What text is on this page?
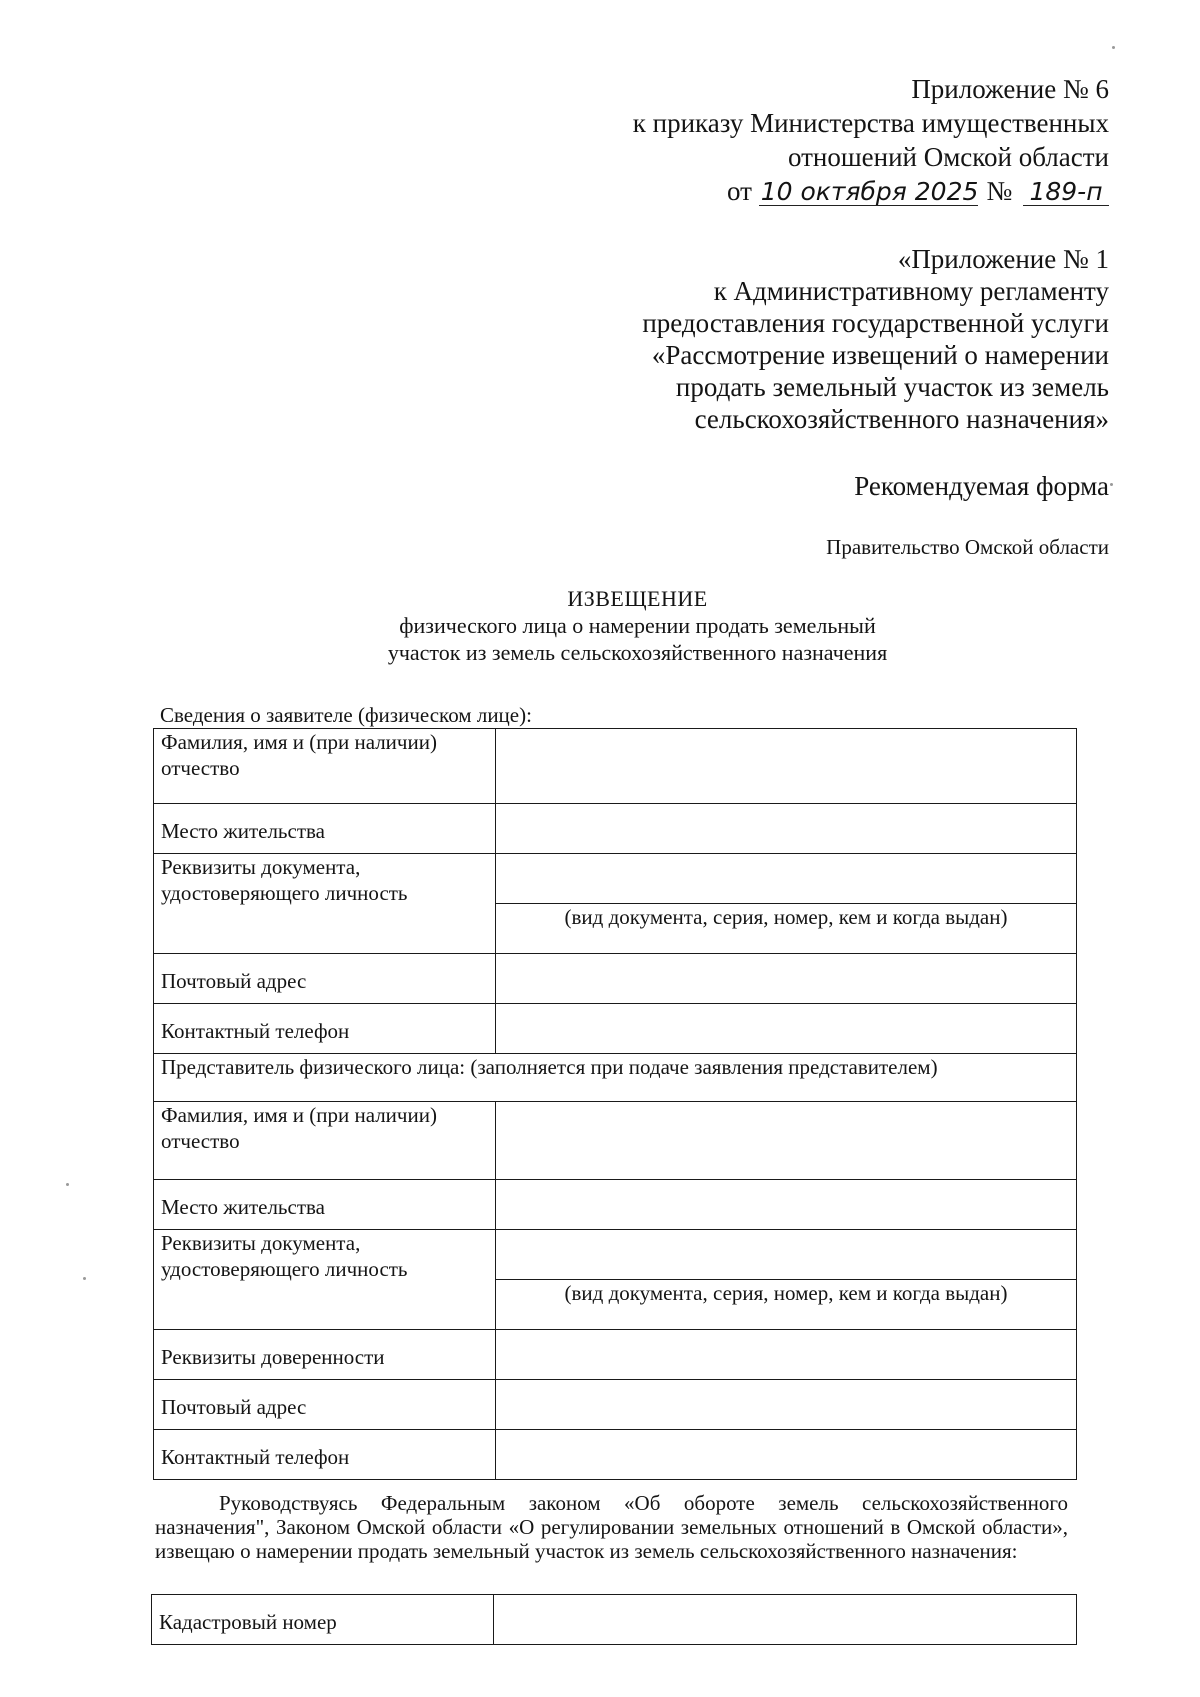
Приложение № 6
к приказу Министерства имущественных
отношений Омской области
от 10 октября 2025 № 189-п
«Приложение № 1
к Административному регламенту
предоставления государственной услуги
«Рассмотрение извещений о намерении
продать земельный участок из земель
сельскохозяйственного назначения»
Рекомендуемая форма
Правительство Омской области
ИЗВЕЩЕНИЕ
физического лица о намерении продать земельный
участок из земель сельскохозяйственного назначения
Сведения о заявителе (физическом лице):
Фамилия, имя и (при наличии) отчество	
Место жительства	
Реквизиты документа, удостоверяющего личность	
	(вид документа, серия, номер, кем и когда выдан)
Почтовый адрес	
Контактный телефон	
Представитель физического лица: (заполняется при подаче заявления представителем)	
Фамилия, имя и (при наличии) отчество	
Место жительства	
Реквизиты документа, удостоверяющего личность	
	(вид документа, серия, номер, кем и когда выдан)
Реквизиты доверенности	
Почтовый адрес	
Контактный телефон	
Руководствуясь Федеральным законом «Об обороте земель сельскохозяйственного назначения", Законом Омской области «О регулировании земельных отношений в Омской области», извещаю о намерении продать земельный участок из земель сельскохозяйственного назначения:
Кадастровый номер	
